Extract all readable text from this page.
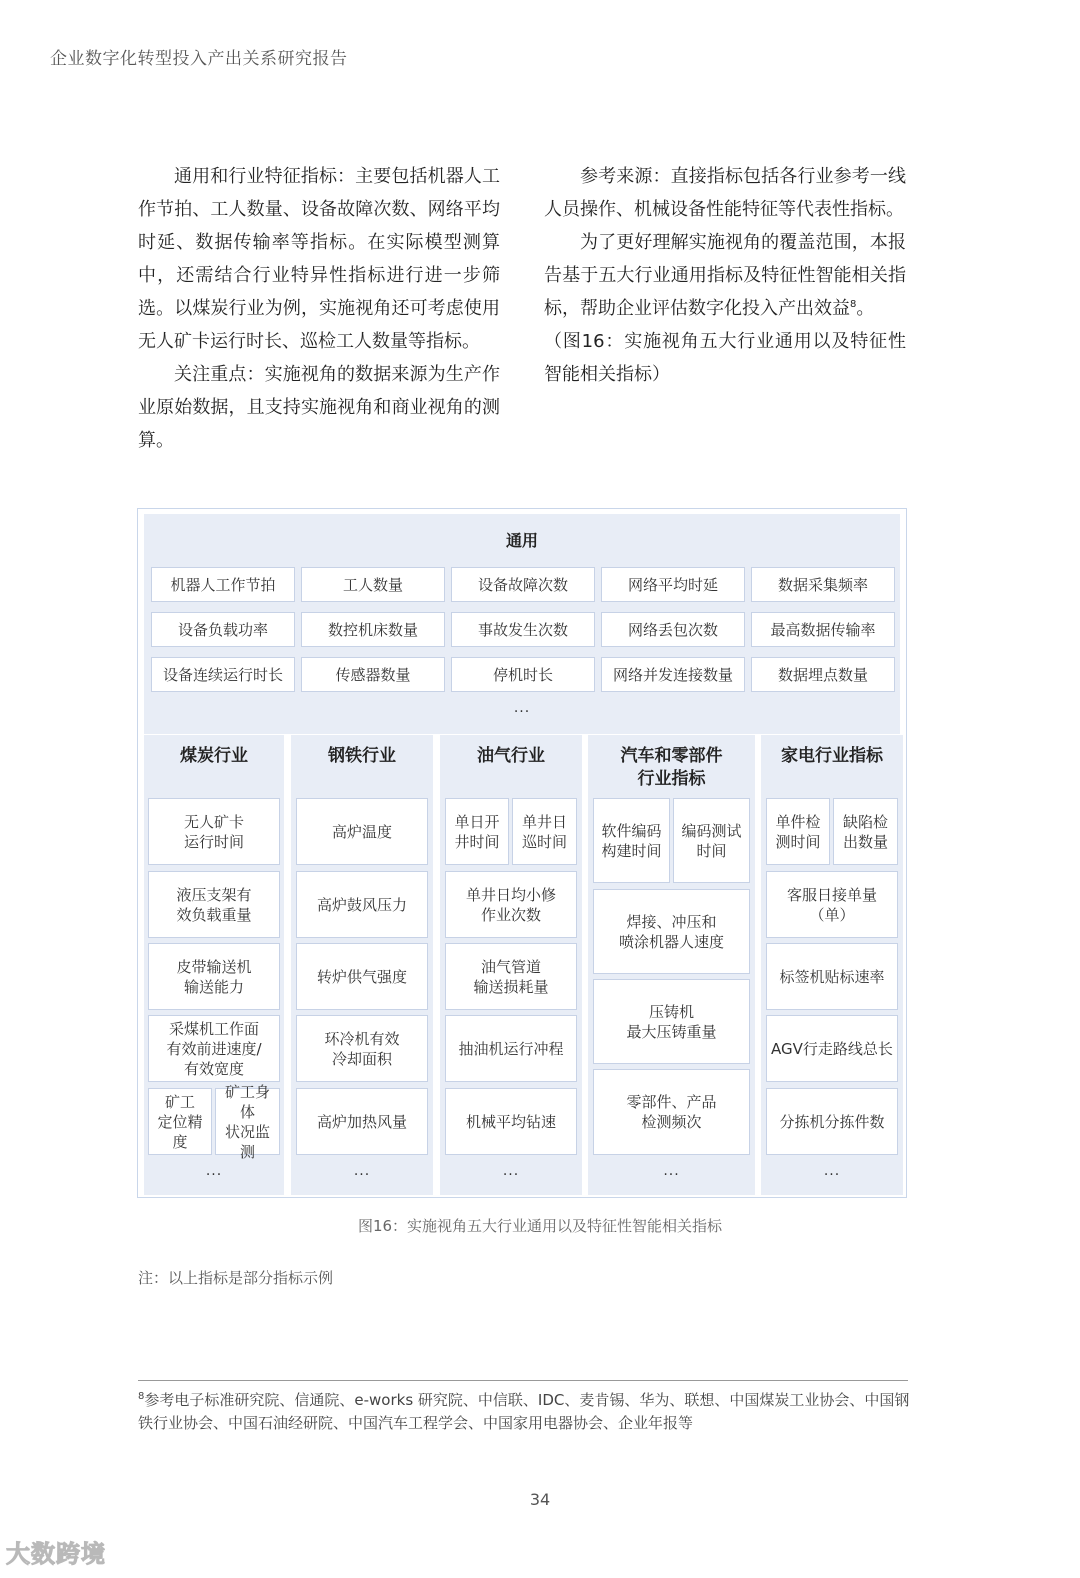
企业数字化转型投入产出关系研究报告

通用和行业特征指标：主要包括机器人工作节拍、工人数量、设备故障次数、网络平均时延、数据传输率等指标。在实际模型测算中，还需结合行业特异性指标进行进一步筛选。以煤炭行业为例，实施视角还可考虑使用无人矿卡运行时长、巡检工人数量等指标。

关注重点：实施视角的数据来源为生产作业原始数据，且支持实施视角和商业视角的测算。

参考来源：直接指标包括各行业参考一线人员操作、机械设备性能特征等代表性指标。

为了更好理解实施视角的覆盖范围，本报告基于五大行业通用指标及特征性智能相关指标，帮助企业评估数字化投入产出效益$^8$。

（图16：实施视角五大行业通用以及特征性智能相关指标）

通用
机器人工作节拍	工人数量	设备故障次数	网络平均时延	数据采集频率
设备负载功率	数控机床数量	事故发生次数	网络丢包次数	最高数据传输率
设备连续运行时长	传感器数量	停机时长	网络并发连接数量	数据埋点数量
...
煤炭行业
无人矿卡
运行时间
液压支架有
效负载重量
皮带输送机
输送能力
采煤机工作面
有效前进速度/
有效宽度
矿工
定位精度
矿工身体
状况监测
...
钢铁行业
高炉温度
高炉鼓风压力
转炉供气强度
环冷机有效
冷却面积
高炉加热风量
...
油气行业
单日开
井时间
单井日
巡时间
单井日均小修
作业次数
油气管道
输送损耗量
抽油机运行冲程
机械平均钻速
...
汽车和零部件
行业指标
软件编码
构建时间
编码测试
时间
焊接、冲压和
喷涂机器人速度
压铸机
最大压铸重量
零部件、产品
检测频次
...
家电行业指标
单件检
测时间
缺陷检
出数量
客服日接单量
（单）
标签机贴标速率
AGV行走路线总长
分拣机分拣件数
...
图16：实施视角五大行业通用以及特征性智能相关指标
注：以上指标是部分指标示例
$^8$参考电子标准研究院、信通院、e-works 研究院、中信联、IDC、麦肯锡、华为、联想、中国煤炭工业协会、中国钢铁行业协会、中国石油经研院、中国汽车工程学会、中国家用电器协会、企业年报等
34
大数跨境
